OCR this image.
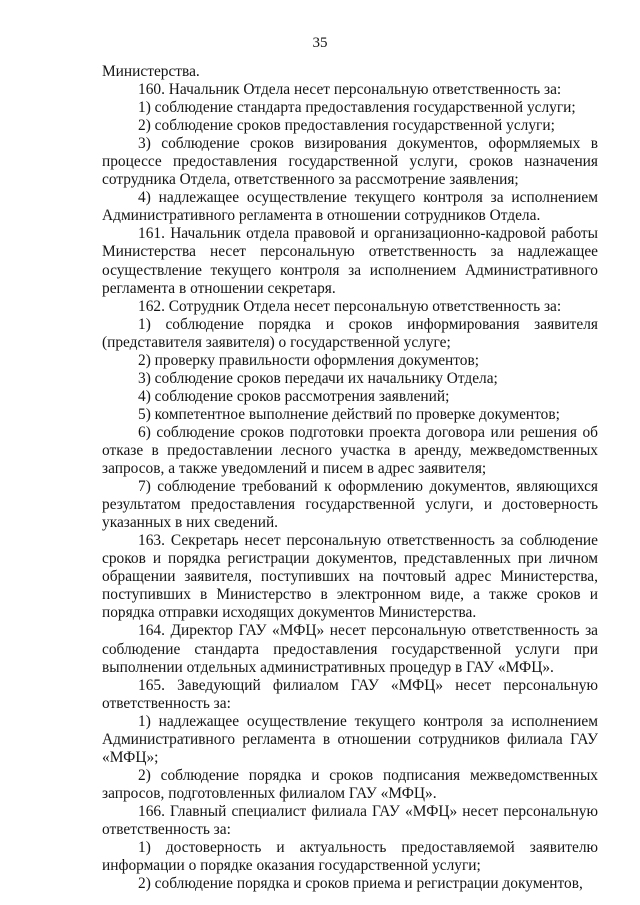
35

Министерства.

160. Начальник Отдела несет персональную ответственность за:

1) соблюдение стандарта предоставления государственной услуги;

2) соблюдение сроков предоставления государственной услуги;

3) соблюдение сроков визирования документов, оформляемых в процессе предоставления государственной услуги, сроков назначения сотрудника Отдела, ответственного за рассмотрение заявления;

4) надлежащее осуществление текущего контроля за исполнением Административного регламента в отношении сотрудников Отдела.

161. Начальник отдела правовой и организационно-кадровой работы Министерства несет персональную ответственность за надлежащее осуществление текущего контроля за исполнением Административного регламента в отношении секретаря.

162. Сотрудник Отдела несет персональную ответственность за:

1) соблюдение порядка и сроков информирования заявителя (представителя заявителя) о государственной услуге;

2) проверку правильности оформления документов;

3) соблюдение сроков передачи их начальнику Отдела;

4) соблюдение сроков рассмотрения заявлений;

5) компетентное выполнение действий по проверке документов;

6) соблюдение сроков подготовки проекта договора или решения об отказе в предоставлении лесного участка в аренду, межведомственных запросов, а также уведомлений и писем в адрес заявителя;

7) соблюдение требований к оформлению документов, являющихся результатом предоставления государственной услуги, и достоверность указанных в них сведений.

163. Секретарь несет персональную ответственность за соблюдение сроков и порядка регистрации документов, представленных при личном обращении заявителя, поступивших на почтовый адрес Министерства, поступивших в Министерство в электронном виде, а также сроков и порядка отправки исходящих документов Министерства.

164. Директор ГАУ «МФЦ» несет персональную ответственность за соблюдение стандарта предоставления государственной услуги при выполнении отдельных административных процедур в ГАУ «МФЦ».

165. Заведующий филиалом ГАУ «МФЦ» несет персональную ответственность за:

1) надлежащее осуществление текущего контроля за исполнением Административного регламента в отношении сотрудников филиала ГАУ «МФЦ»;

2) соблюдение порядка и сроков подписания межведомственных запросов, подготовленных филиалом ГАУ «МФЦ».

166. Главный специалист филиала ГАУ «МФЦ» несет персональную ответственность за:

1) достоверность и актуальность предоставляемой заявителю информации о порядке оказания государственной услуги;

2) соблюдение порядка и сроков приема и регистрации документов,
